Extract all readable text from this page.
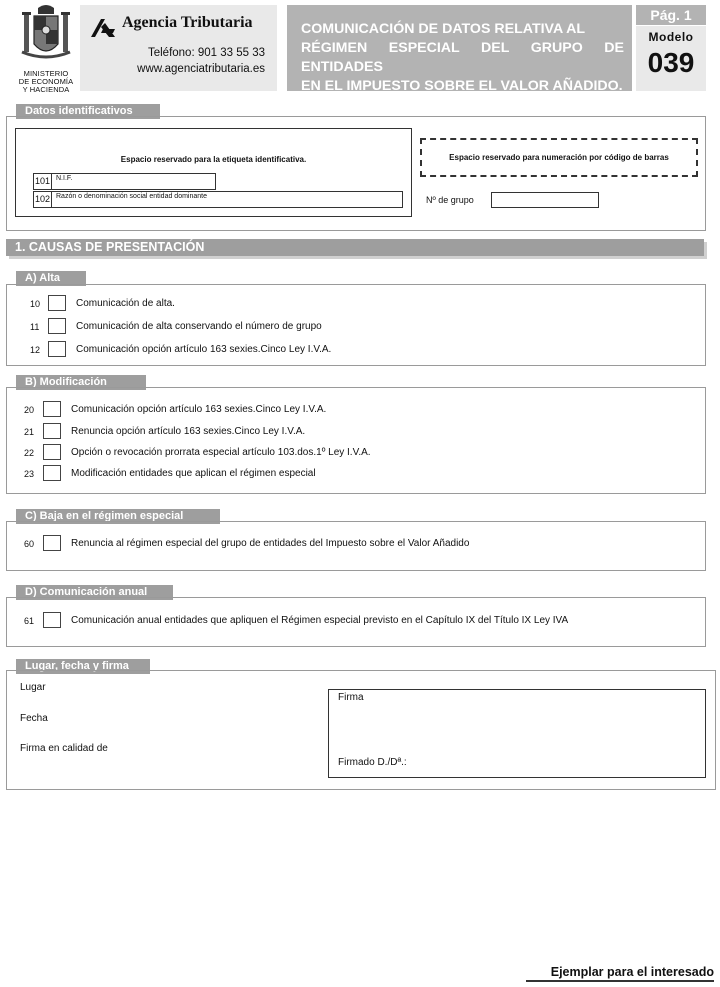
MINISTERIO
DE ECONOMÍA
Y HACIENDA
Agencia Tributaria
Teléfono: 901 33 55 33
www.agenciatributaria.es
COMUNICACIÓN DE DATOS RELATIVA AL
RÉGIMEN ESPECIAL DEL GRUPO DE ENTIDADES
EN EL IMPUESTO SOBRE EL VALOR AÑADIDO.
Pág. 1
Modelo
039
Datos identificativos
Espacio reservado para la etiqueta identificativa.
101 N.I.F.
102 Razón o denominación social entidad dominante
Espacio reservado para numeración por código de barras
Nº de grupo
1. CAUSAS DE PRESENTACIÓN
A) Alta
10	Comunicación de alta.
11	Comunicación de alta conservando el número de grupo
12	Comunicación opción artículo 163 sexies.Cinco Ley I.V.A.
B) Modificación
20	Comunicación opción artículo 163 sexies.Cinco Ley I.V.A.
21	Renuncia opción artículo 163 sexies.Cinco Ley I.V.A.
22	Opción o revocación prorrata especial artículo 103.dos.1º Ley I.V.A.
23	Modificación entidades que aplican el régimen especial
C) Baja en el régimen especial
60	Renuncia al régimen especial del grupo de entidades del Impuesto sobre el Valor Añadido
D) Comunicación anual
61	Comunicación anual entidades que apliquen el Régimen especial previsto en el Capítulo IX del Título IX Ley IVA
Lugar, fecha y firma
Lugar
Fecha
Firma en calidad de
Firma
Firmado D./Dª.:
Ejemplar para el interesado
